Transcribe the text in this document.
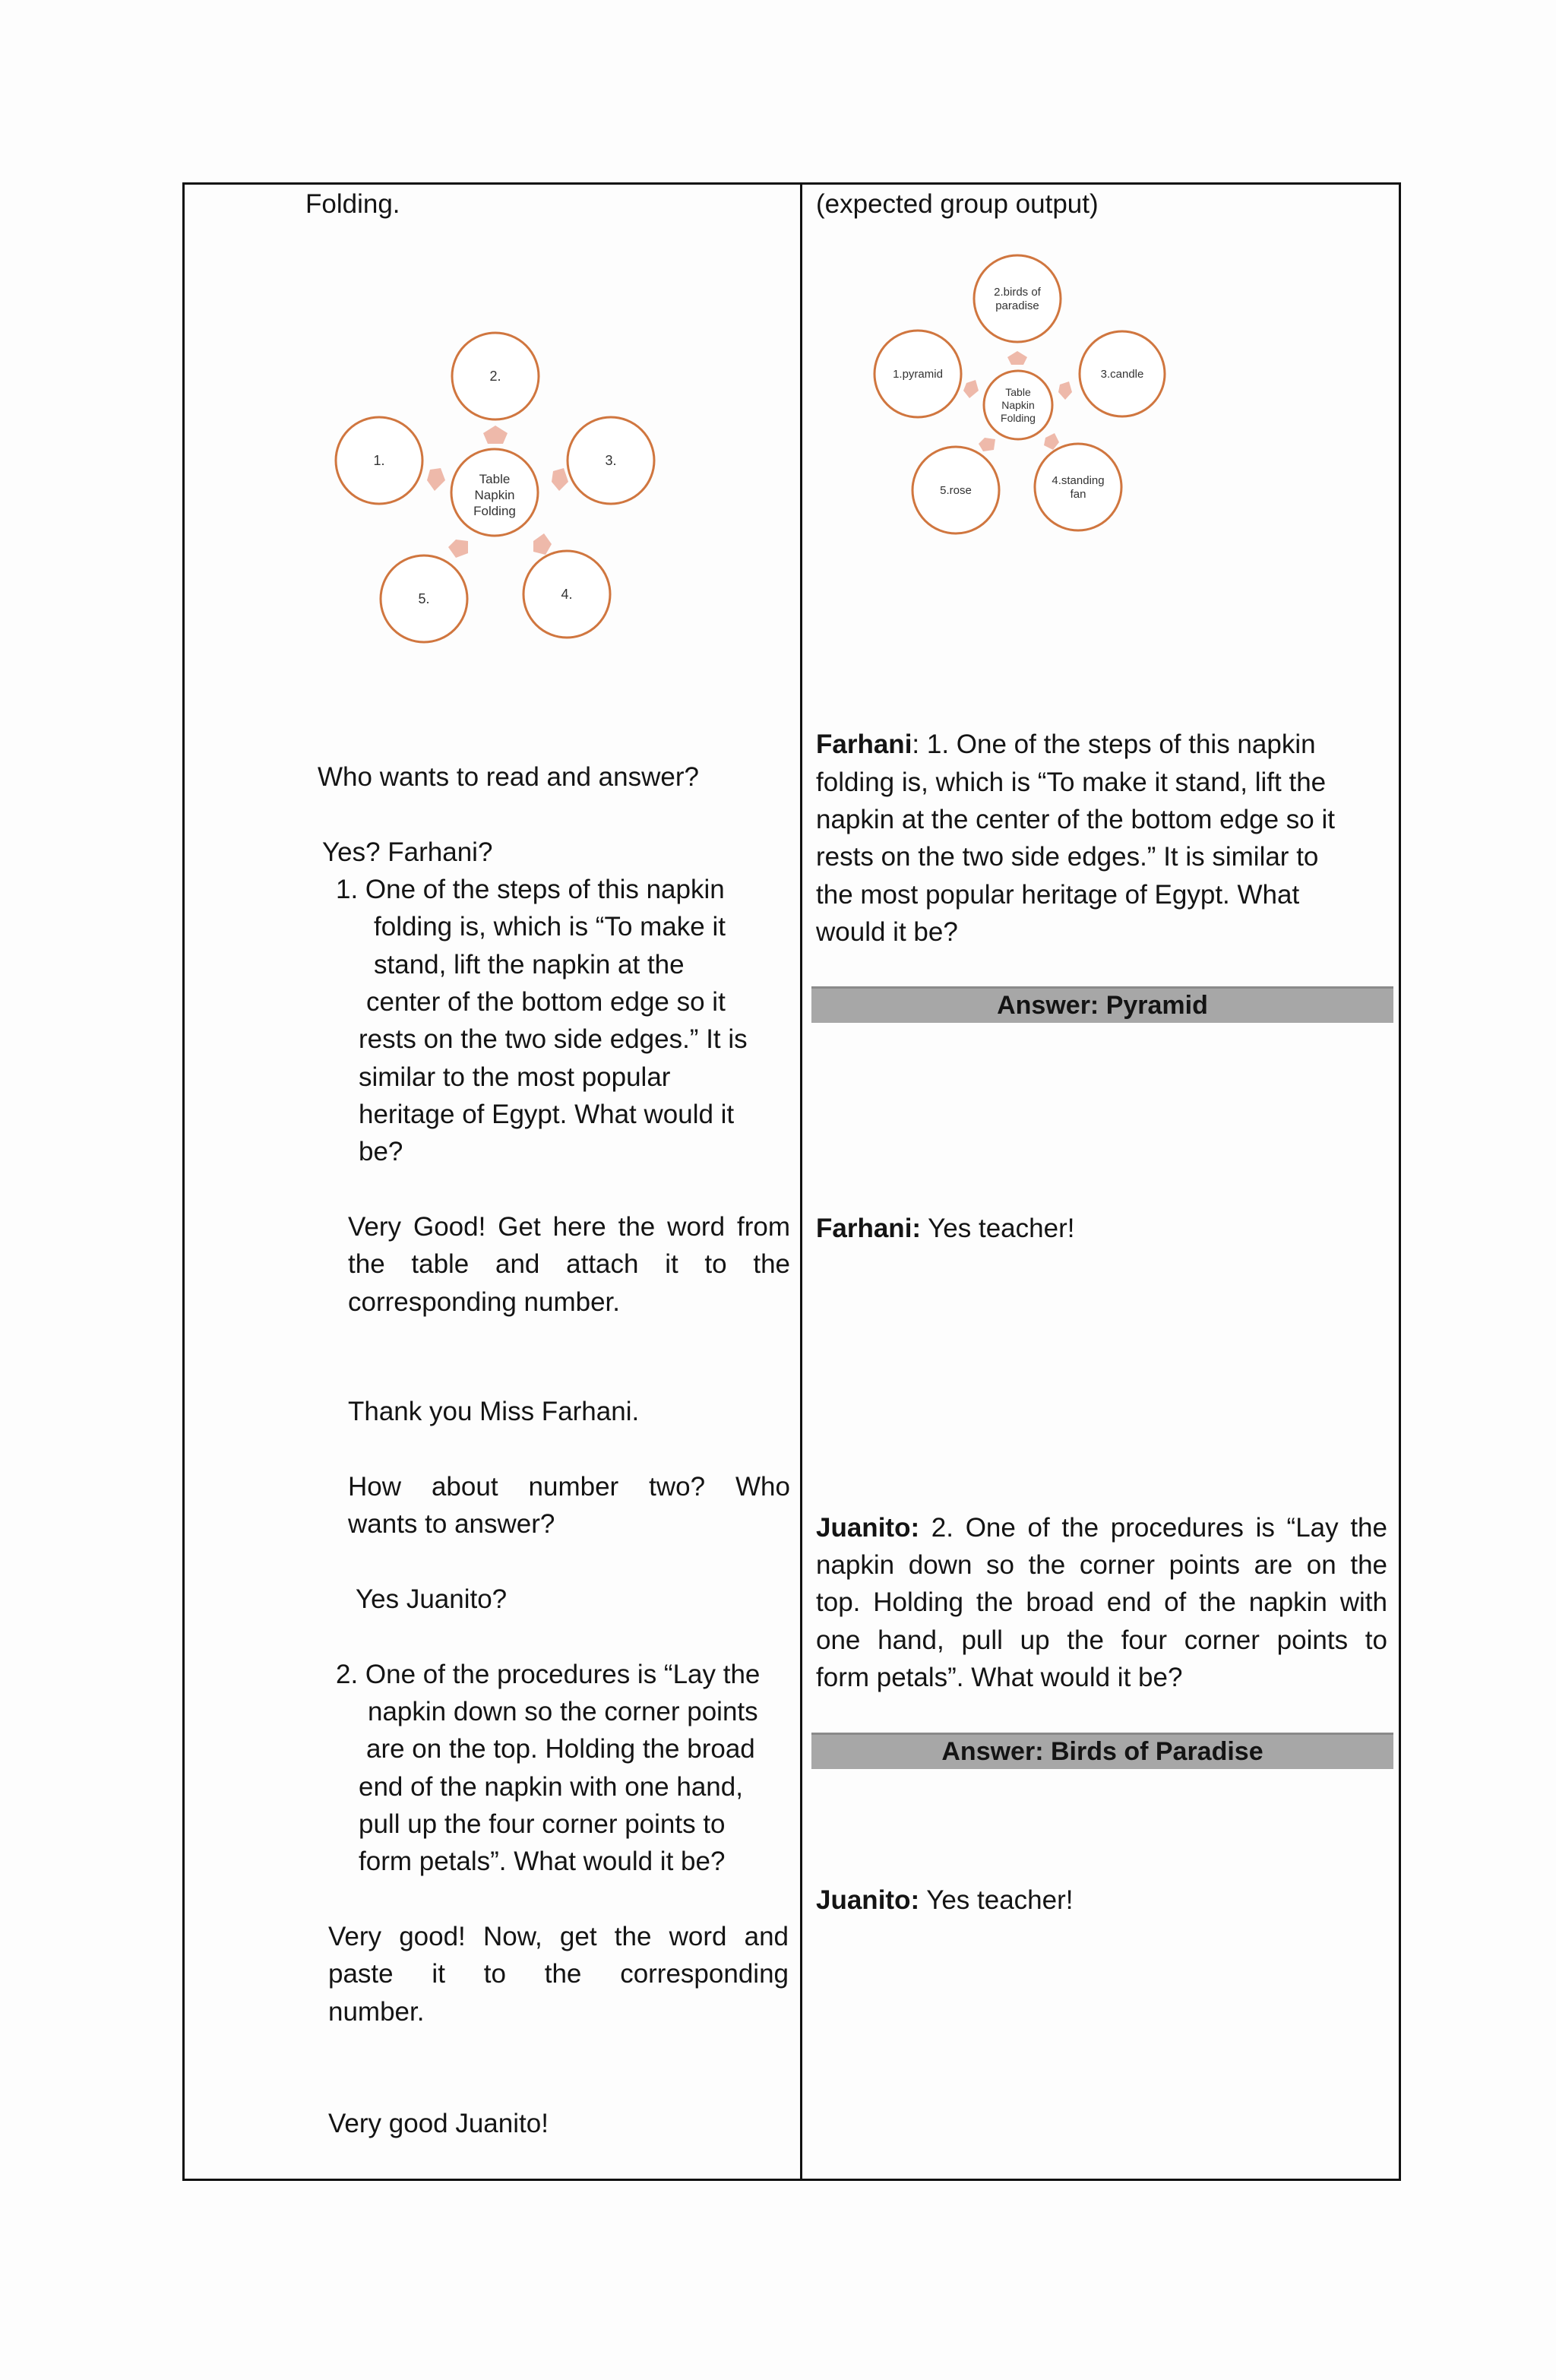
Folding.
Table
Napkin
Folding
2.
3.
4.
5.
1.
Who wants to read and answer?
Yes? Farhani?
1. One of the steps of this napkin
folding is, which is “To make it
stand, lift the napkin at the
center of the bottom edge so it
rests on the two side edges.” It is
similar to the most popular
heritage of Egypt. What would it
be?
Very Good! Get here the word from
the table and attach it to the
corresponding number.
Thank you Miss Farhani.
How about number two? Who
wants to answer?
Yes Juanito?
2. One of the procedures is “Lay the
napkin down so the corner points
are on the top. Holding the broad
end of the napkin with one hand,
pull up the four corner points to
form petals”. What would it be?
Very good! Now, get the word and
paste it to the corresponding
number.
Very good Juanito!
(expected group output)
Table
Napkin
Folding
2.birds of
paradise
3.candle
4.standing
fan
5.rose
1.pyramid
Farhani: 1. One of the steps of this napkin
folding is, which is “To make it stand, lift the
napkin at the center of the bottom edge so it
rests on the two side edges.” It is similar to
the most popular heritage of Egypt. What
would it be?
Answer: Pyramid
Farhani: Yes teacher!
Juanito: 2. One of the procedures is “Lay the
napkin down so the corner points are on the
top. Holding the broad end of the napkin with
one hand, pull up the four corner points to
form petals”. What would it be?
Answer: Birds of Paradise
Juanito: Yes teacher!
